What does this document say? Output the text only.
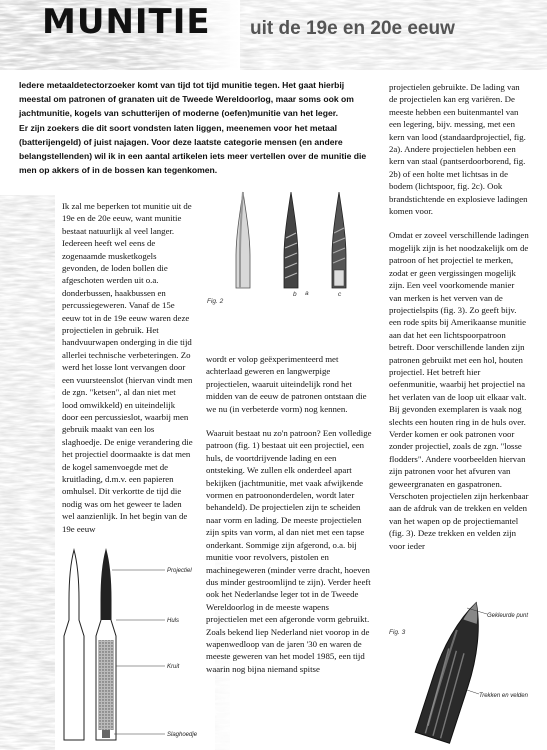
MUNITIE uit de 19e en 20e eeuw

Iedere metaaldetectorzoeker komt van tijd tot tijd munitie tegen. Het gaat hierbij meestal om patronen of granaten uit de Tweede Wereldoorlog, maar soms ook om jachtmunitie, kogels van schutterijen of moderne (oefen)munitie van het leger.

Er zijn zoekers die dit soort vondsten laten liggen, meenemen voor het metaal (batterijengeld) of juist najagen. Voor deze laatste categorie mensen (en andere belangstellenden) wil ik in een aantal artikelen iets meer vertellen over de munitie die men op akkers of in de bossen kan tegenkomen.

Ik zal me beperken tot munitie uit de 19e en de 20e eeuw, want munitie bestaat natuurlijk al veel langer. Iedereen heeft wel eens de zogenaamde musketkogels gevonden, de loden bollen die afgeschoten werden uit o.a. donderbussen, haakbussen en percussiegeweren. Vanaf de 15e eeuw tot in de 19e eeuw waren deze projectielen in gebruik. Het handvuurwapen onderging in die tijd allerlei technische verbeteringen. Zo werd het losse lont vervangen door een vuursteenslot (hiervan vindt men de zgn. "ketsen", al dan niet met lood omwikkeld) en uiteindelijk door een percussieslot, waarbij men gebruik maakt van een los slaghoedje. De enige verandering die het projectiel doormaakte is dat men de kogel samenvoegde met de kruitlading, d.m.v. een papieren omhulsel. Dit verkortte de tijd die nodig was om het geweer te laden wel aanzienlijk. In het begin van de 19e eeuw

a
b	c
Fig. 2

wordt er volop geëxperimenteerd met achterlaad geweren en langwerpige projectielen, waaruit uiteindelijk rond het midden van de eeuw de patronen ontstaan die we nu (in verbeterde vorm) nog kennen.

Waaruit bestaat nu zo'n patroon? Een volledige patroon (fig. 1) bestaat uit een projectiel, een huls, de voortdrijvende lading en een ontsteking. We zullen elk onderdeel apart bekijken (jachtmunitie, met vaak afwijkende vormen en patroononderdelen, wordt later behandeld). De projectielen zijn te scheiden naar vorm en lading. De meeste projectielen zijn spits van vorm, al dan niet met een tapse onderkant. Sommige zijn afgerond, o.a. bij munitie voor revolvers, pistolen en machinegeweren (minder verre dracht, hoeven dus minder gestroomlijnd te zijn). Verder heeft ook het Nederlandse leger tot in de Tweede Wereldoorlog in de meeste wapens projectielen met een afgeronde vorm gebruikt. Zoals bekend liep Nederland niet voorop in de wapenwedloop van de jaren '30 en waren de meeste geweren van het model 1985, een tijd waarin nog bijna niemand spitse

projectielen gebruikte. De lading van de projectielen kan erg variëren. De meeste hebben een buitenmantel van een legering, bijv. messing, met een kern van lood (standaardprojectiel, fig. 2a). Andere projectielen hebben een kern van staal (pantserdoorborend, fig. 2b) of een holte met lichtsas in de bodem (lichtspoor, fig. 2c). Ook brandstichtende en explosieve ladingen komen voor.

Omdat er zoveel verschillende ladingen mogelijk zijn is het noodzakelijk om de patroon of het projectiel te merken, zodat er geen vergissingen mogelijk zijn. Een veel voorkomende manier van merken is het verven van de projectielspits (fig. 3). Zo geeft bijv. een rode spits bij Amerikaanse munitie aan dat het een lichtspoorpatroon betreft. Door verschillende landen zijn patronen gebruikt met een hol, houten projectiel. Het betreft hier oefenmunitie, waarbij het projectiel na het verlaten van de loop uit elkaar valt. Bij gevonden exemplaren is vaak nog slechts een houten ring in de huls over. Verder komen er ook patronen voor zonder projectiel, zoals de zgn. "losse flodders". Andere voorbeelden hiervan zijn patronen voor het afvuren van geweergranaten en gaspatronen. Verschoten projectielen zijn herkenbaar aan de afdruk van de trekken en velden van het wapen op de projectiemantel (fig. 3). Deze trekken en velden zijn voor ieder

Projectiel
Huls
Kruit
Slaghoedje
Fig. 3
Gekleurde punt
Trekken en velden
